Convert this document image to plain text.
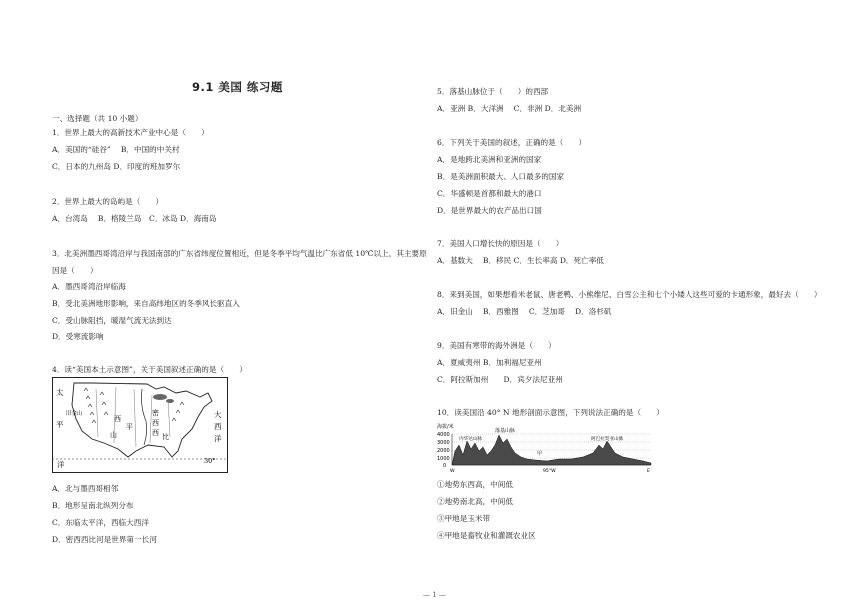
9.1 美国 练习题
一、选择题（共 10 小题）
1．世界上最大的高新技术产业中心是（　　）
A．美国的“硅谷”　 B．中国的中关村
C．日本的九州岛 D．印度的班加罗尔
2．世界上最大的岛屿是（　　）
A．台湾岛　 B．格陵兰岛　C．冰岛 D．海南岛
3．北美洲墨西哥湾沿岸与我国南部的广东省纬度位置相近，但是冬季平均气温比广东省低 10℃以上，其主要原
因是（　　）
A．墨西哥湾沿岸临海
B．受北美洲地形影响，来自高纬地区的冬季风长驱直入
C．受山脉阻挡，暖湿气流无法到达
D．受寒流影响
4．读“美国本土示意图”，关于美国叙述正确的是（　　）
太
平
洋
大
西
洋
西
山
平
密
西
西 比
30°
旧金山
A．北与墨西哥相邻
B．地形呈南北纵列分布
C．东临太平洋，西临大西洋
D．密西西比河是世界第一长河
5．落基山脉位于（　　）的西部
A．亚洲 B．大洋洲　 C．非洲 D．北美洲
6．下列关于美国的叙述，正确的是（　　）
A．是地跨北美洲和亚洲的国家
B．是美洲面积最大、人口最多的国家
C．华盛顿是首都和最大的港口
D．是世界最大的农产品出口国
7．美国人口增长快的原因是（　　）
A．基数大　 B．移民 C．生长率高 D．死亡率低
8．来到美国，如果想看米老鼠、唐老鸭、小熊维尼、白雪公主和七个小矮人这些可爱的卡通形象，最好去（　　）
A．旧金山　 B．西雅图　 C．芝加哥　 D．洛杉矶
9．美国有寒带的海外洲是（　　）
A．夏威夷州 B．加利福尼亚州
C．阿拉斯加州　　D．宾夕法尼亚州
10．读美国沿 40° N 地形剖面示意图，下列说法正确的是（　　）
海拔/米
4000
3000
2000
1000
0
落基山脉
内华达山脉	阿巴拉契亚山脉
甲
W	95°W	E
①地势东西高，中间低
②地势南北高，中间低
③甲地是玉米带
④甲地是畜牧业和灌溉农业区
— 1 —
